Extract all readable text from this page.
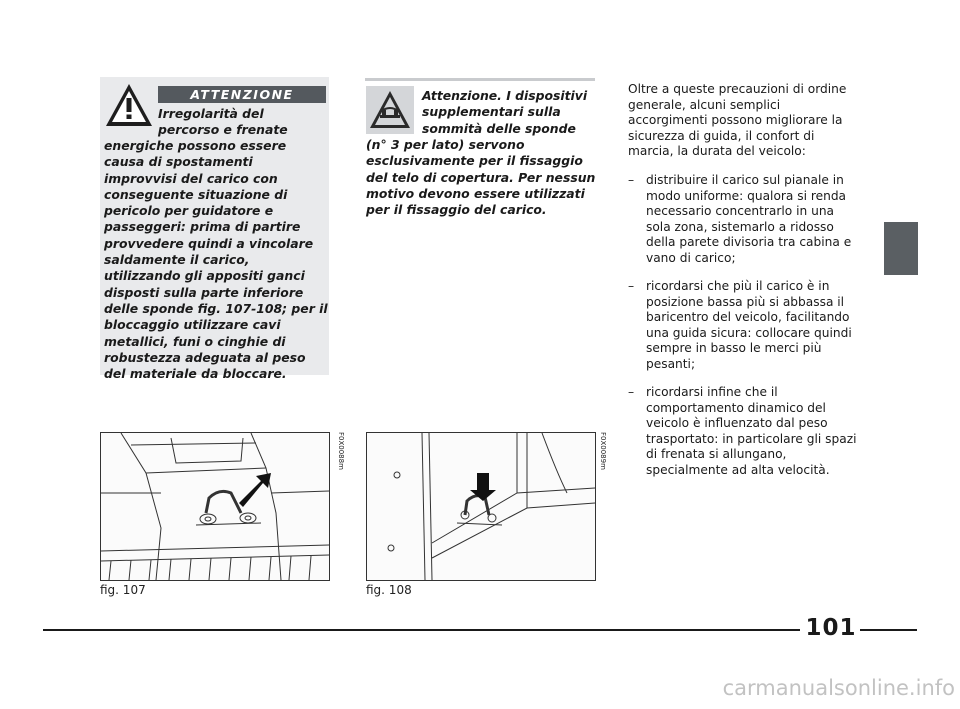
ATTENZIONE

Irregolarità del percorso e frenate

energiche possono essere causa di spostamenti improvvisi del carico con conseguente situazione di pericolo per guidatore e passeggeri: prima di partire provvedere quindi a vincolare saldamente il carico, utilizzando gli appositi ganci disposti sulla parte inferiore delle sponde fig. 107-108; per il bloccaggio utilizzare cavi metallici, funi o cinghie di robustezza adeguata al peso del materiale da bloccare.

Attenzione. I dispositivi supplementari sulla sommità delle sponde

(n° 3 per lato) servono esclusivamente per il fissaggio del telo di copertura. Per nessun motivo devono essere utilizzati per il fissaggio del carico.

Oltre a queste precauzioni di ordine generale, alcuni semplici accorgimenti possono migliorare la sicurezza di guida, il confort di marcia, la durata del veicolo:

– distribuire il carico sul pianale in modo uniforme: qualora si renda necessario concentrarlo in una sola zona, sistemarlo a ridosso della parete divisoria tra cabina e vano di carico;
– ricordarsi che più il carico è in posizione bassa più si abbassa il baricentro del veicolo, facilitando una guida sicura: collocare quindi sempre in basso le merci più pesanti;
– ricordarsi infine che il comportamento dinamico del veicolo è influenzato dal peso trasportato: in particolare gli spazi di frenata si allungano, specialmente ad alta velocità.
F0X0088m
fig. 107
F0X0089m
fig. 108
101
carmanualsonline.info
